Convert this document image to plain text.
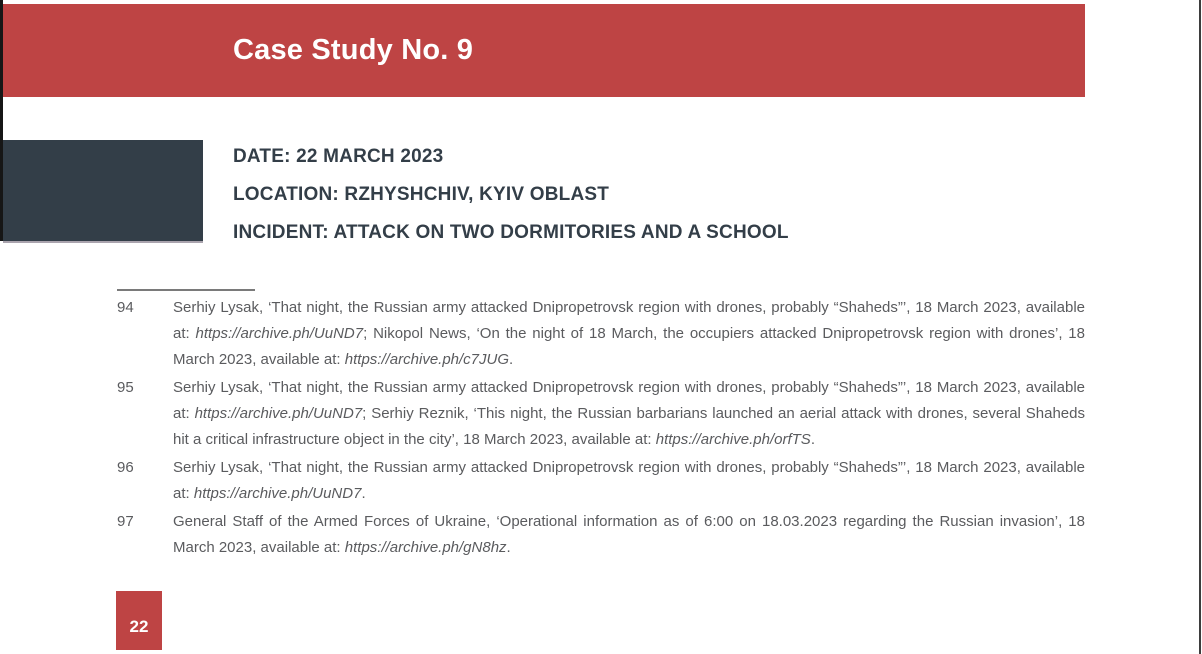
Case Study No. 9
DATE: 22 MARCH 2023
LOCATION: RZHYSHCHIV, KYIV OBLAST
INCIDENT: ATTACK ON TWO DORMITORIES AND A SCHOOL
94	Serhiy Lysak, ‘That night, the Russian army attacked Dnipropetrovsk region with drones, probably “Shaheds”’, 18 March 2023, available at: https://archive.ph/UuND7; Nikopol News, ‘On the night of 18 March, the occupiers attacked Dnipropetrovsk region with drones’, 18 March 2023, available at: https://archive.ph/c7JUG.
95	Serhiy Lysak, ‘That night, the Russian army attacked Dnipropetrovsk region with drones, probably “Shaheds”’, 18 March 2023, available at: https://archive.ph/UuND7; Serhiy Reznik, ‘This night, the Russian barbarians launched an aerial attack with drones, several Shaheds hit a critical infrastructure object in the city’, 18 March 2023, available at: https://archive.ph/orfTS.
96	Serhiy Lysak, ‘That night, the Russian army attacked Dnipropetrovsk region with drones, probably “Shaheds”’, 18 March 2023, available at: https://archive.ph/UuND7.
97	General Staff of the Armed Forces of Ukraine, ‘Operational information as of 6:00 on 18.03.2023 regarding the Russian invasion’, 18 March 2023, available at: https://archive.ph/gN8hz.
22
